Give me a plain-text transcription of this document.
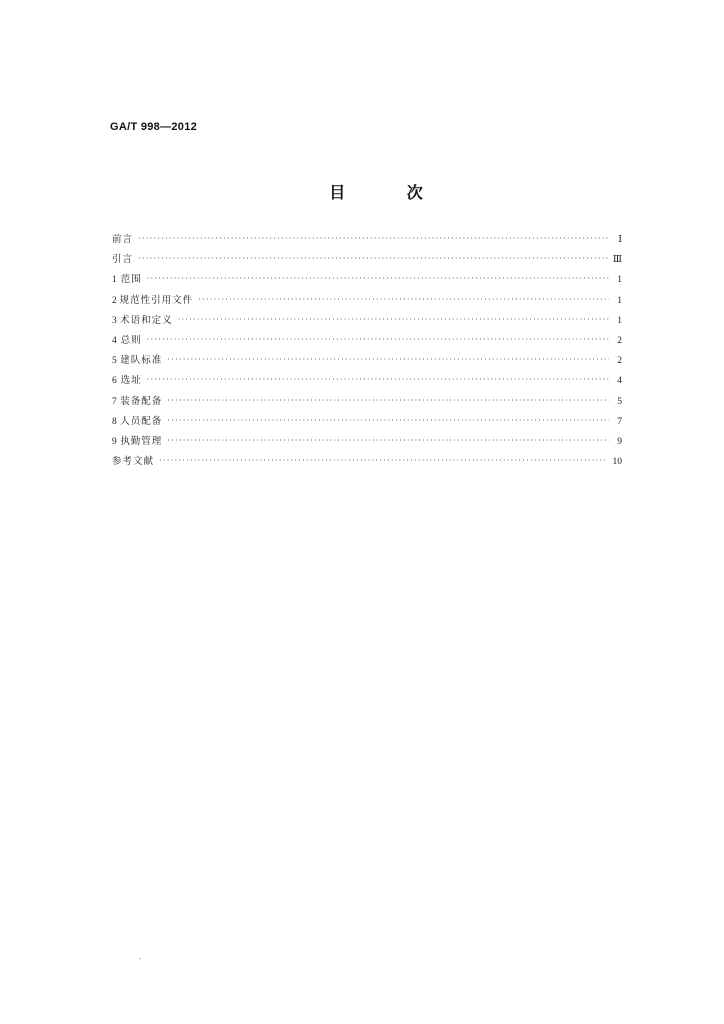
GA/T 998—2012
目 次
前言 ·····	Ⅰ
引言 ·····	Ⅲ
1 范围 ·····	1
2 规范性引用文件 ·····	1
3 术语和定义 ·····	1
4 总则 ·····	2
5 建队标准 ·····	2
6 选址 ·····	4
7 装备配备 ·····	5
8 人员配备 ·····	7
9 执勤管理 ·····	9
参考文献 ·····	10
